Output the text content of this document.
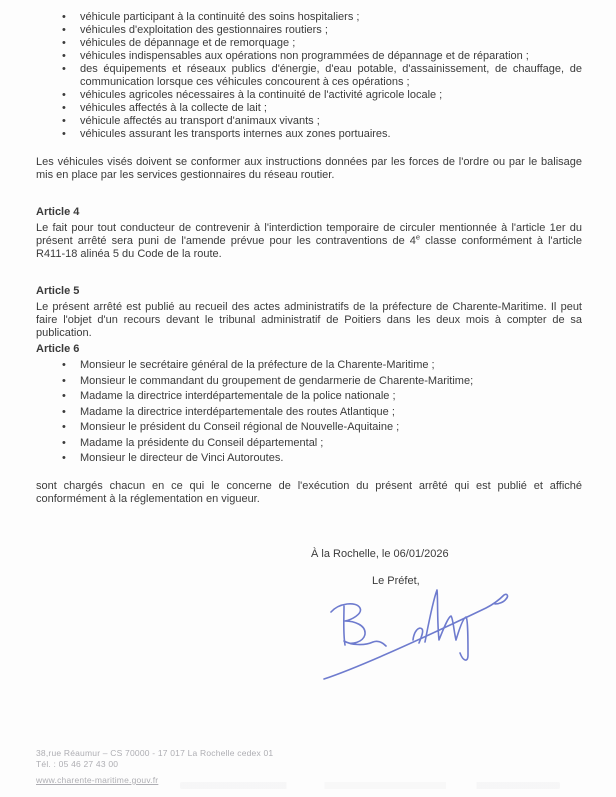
• véhicule participant à la continuité des soins hospitaliers ;
• véhicules d'exploitation des gestionnaires routiers ;
• véhicules de dépannage et de remorquage ;
• véhicules indispensables aux opérations non programmées de dépannage et de réparation ;
• des équipements et réseaux publics d'énergie, d'eau potable, d'assainissement, de chauffage, de communication lorsque ces véhicules concourent à ces opérations ;
• véhicules agricoles nécessaires à la continuité de l'activité agricole locale ;
• véhicules affectés à la collecte de lait ;
• véhicule affectés au transport d'animaux vivants ;
• véhicules assurant les transports internes aux zones portuaires.

Les véhicules visés doivent se conformer aux instructions données par les forces de l'ordre ou par le balisage mis en place par les services gestionnaires du réseau routier.

Article 4

Le fait pour tout conducteur de contrevenir à l'interdiction temporaire de circuler mentionnée à l'article 1er du présent arrêté sera puni de l'amende prévue pour les contraventions de 4e classe conformément à l'article R411-18 alinéa 5 du Code de la route.

Article 5

Le présent arrêté est publié au recueil des actes administratifs de la préfecture de Charente-Maritime. Il peut faire l'objet d'un recours devant le tribunal administratif de Poitiers dans les deux mois à compter de sa publication.

Article 6
• Monsieur le secrétaire général de la préfecture de la Charente-Maritime ;
• Monsieur le commandant du groupement de gendarmerie de Charente-Maritime;
• Madame la directrice interdépartementale de la police nationale ;
• Madame la directrice interdépartementale des routes Atlantique ;
• Monsieur le président du Conseil régional de Nouvelle-Aquitaine ;
• Madame la présidente du Conseil départemental ;
• Monsieur le directeur de Vinci Autoroutes.

sont chargés chacun en ce qui le concerne de l'exécution du présent arrêté qui est publié et affiché conformément à la réglementation en vigueur.

À la Rochelle, le 06/01/2026
Le Préfet,
38,rue Réaumur – CS 70000 - 17 017 La Rochelle cedex 01
Tél. : 05 46 27 43 00
www.charente-maritime.gouv.fr
